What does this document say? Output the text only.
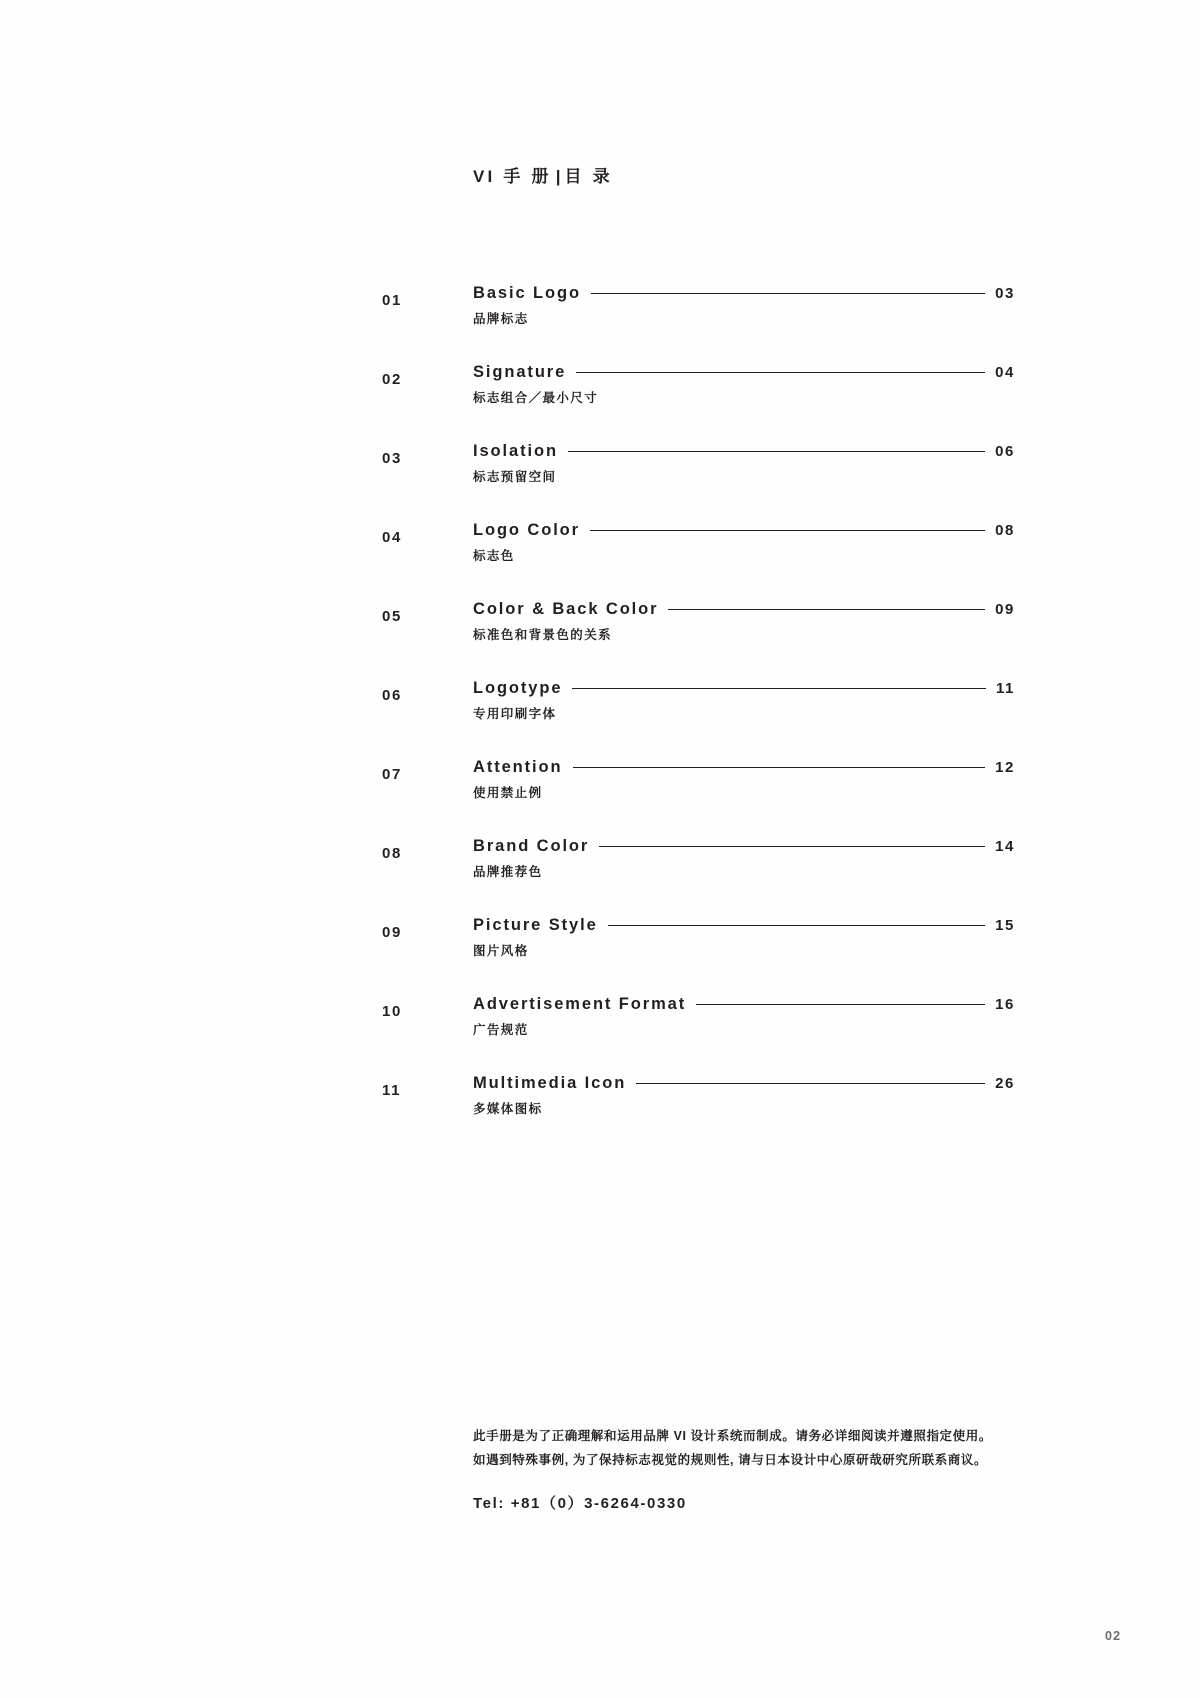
VI 手 册 | 目 录
01	Basic Logo	03
品牌标志
02	Signature	04
标志组合／最小尺寸
03	Isolation	06
标志预留空间
04	Logo Color	08
标志色
05	Color & Back Color	09
标准色和背景色的关系
06	Logotype	11
专用印刷字体
07	Attention	12
使用禁止例
08	Brand Color	14
品牌推荐色
09	Picture Style	15
图片风格
10	Advertisement Format	16
广告规范
11	Multimedia Icon	26
多媒体图标
此手册是为了正确理解和运用品牌 VI 设计系统而制成。请务必详细阅读并遵照指定使用。
如遇到特殊事例, 为了保持标志视觉的规则性, 请与日本设计中心原研哉研究所联系商议。
Tel: +81（0）3-6264-0330
02
